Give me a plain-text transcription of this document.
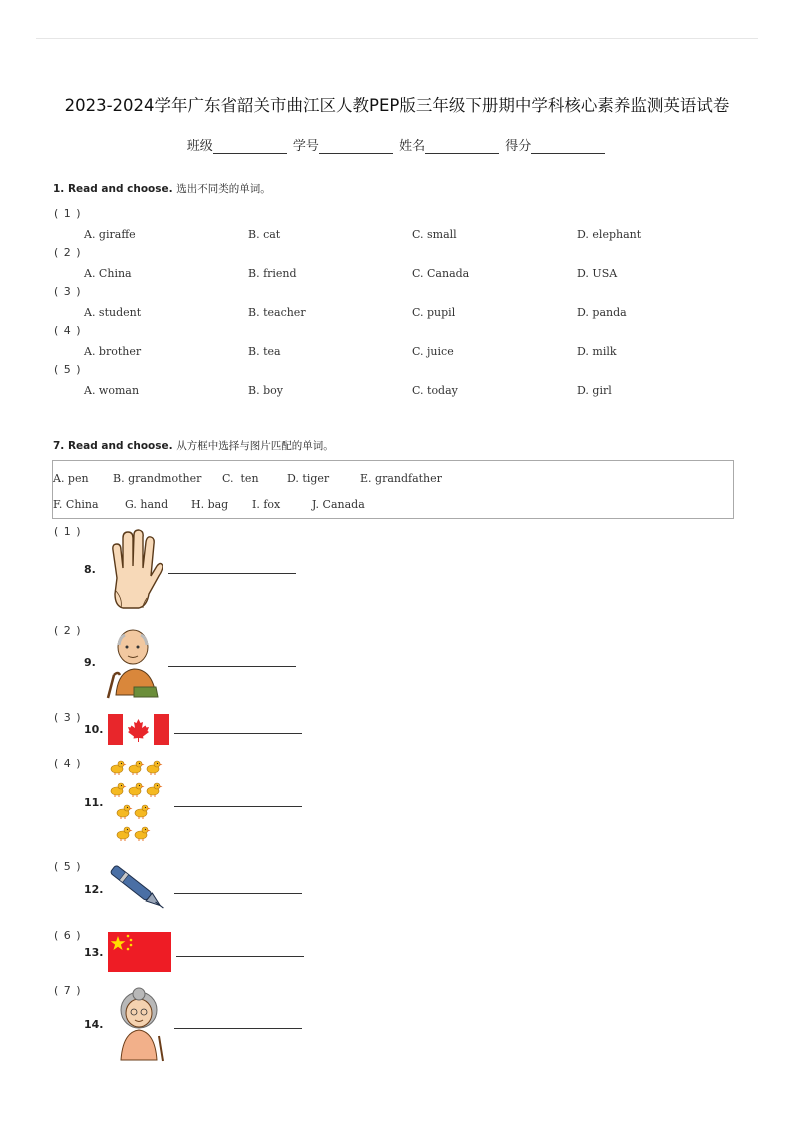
2023-2024学年广东省韶关市曲江区人教PEP版三年级下册期中学科核心素养监测英语试卷
班级	学号	姓名	得分
1. Read and choose. 选出不同类的单词。
( 1 )
A. giraffe	B. cat	C. small	D. elephant
( 2 )
A. China	B. friend	C. Canada	D. USA
( 3 )
A. student	B. teacher	C. pupil	D. panda
( 4 )
A. brother	B. tea	C. juice	D. milk
( 5 )
A. woman	B. boy	C. today	D. girl
7. Read and choose. 从方框中选择与图片匹配的单词。
A. pen B. grandmother C.  ten	D. tiger	E. grandfather
F. China G. hand H. bag I. fox	J. Canada
( 1 )
8.
( 2 )
9.
( 3 )
10.
( 4 )
11.
( 5 )
12.
( 6 )
13.
( 7 )
14.
